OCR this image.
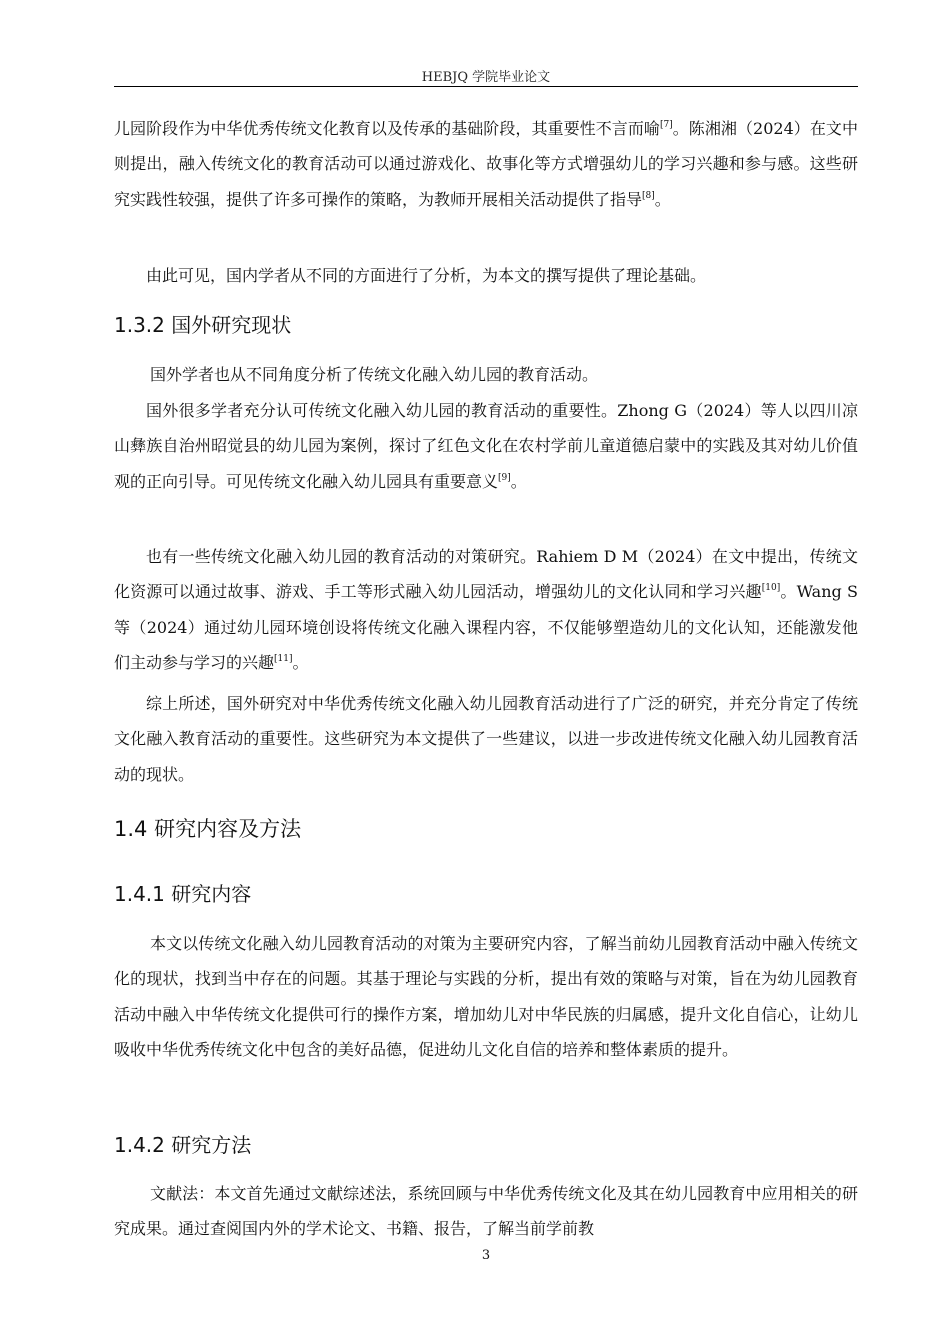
HEBJQ 学院毕业论文

儿园阶段作为中华优秀传统文化教育以及传承的基础阶段，其重要性不言而喻[7]。陈湘湘（2024）在文中则提出，融入传统文化的教育活动可以通过游戏化、故事化等方式增强幼儿的学习兴趣和参与感。这些研究实践性较强，提供了许多可操作的策略，为教师开展相关活动提供了指导[8]。

由此可见，国内学者从不同的方面进行了分析，为本文的撰写提供了理论基础。

1.3.2 国外研究现状

国外学者也从不同角度分析了传统文化融入幼儿园的教育活动。

国外很多学者充分认可传统文化融入幼儿园的教育活动的重要性。Zhong G（2024）等人以四川凉山彝族自治州昭觉县的幼儿园为案例，探讨了红色文化在农村学前儿童道德启蒙中的实践及其对幼儿价值观的正向引导。可见传统文化融入幼儿园具有重要意义[9]。

也有一些传统文化融入幼儿园的教育活动的对策研究。Rahiem D M（2024）在文中提出，传统文化资源可以通过故事、游戏、手工等形式融入幼儿园活动，增强幼儿的文化认同和学习兴趣[10]。Wang S 等（2024）通过幼儿园环境创设将传统文化融入课程内容，不仅能够塑造幼儿的文化认知，还能激发他们主动参与学习的兴趣[11]。

综上所述，国外研究对中华优秀传统文化融入幼儿园教育活动进行了广泛的研究，并充分肯定了传统文化融入教育活动的重要性。这些研究为本文提供了一些建议，以进一步改进传统文化融入幼儿园教育活动的现状。

1.4 研究内容及方法
1.4.1 研究内容

本文以传统文化融入幼儿园教育活动的对策为主要研究内容，了解当前幼儿园教育活动中融入传统文化的现状，找到当中存在的问题。其基于理论与实践的分析，提出有效的策略与对策，旨在为幼儿园教育活动中融入中华传统文化提供可行的操作方案，增加幼儿对中华民族的归属感，提升文化自信心，让幼儿吸收中华优秀传统文化中包含的美好品德，促进幼儿文化自信的培养和整体素质的提升。

1.4.2 研究方法

文献法：本文首先通过文献综述法，系统回顾与中华优秀传统文化及其在幼儿园教育中应用相关的研究成果。通过查阅国内外的学术论文、书籍、报告，了解当前学前教

3
